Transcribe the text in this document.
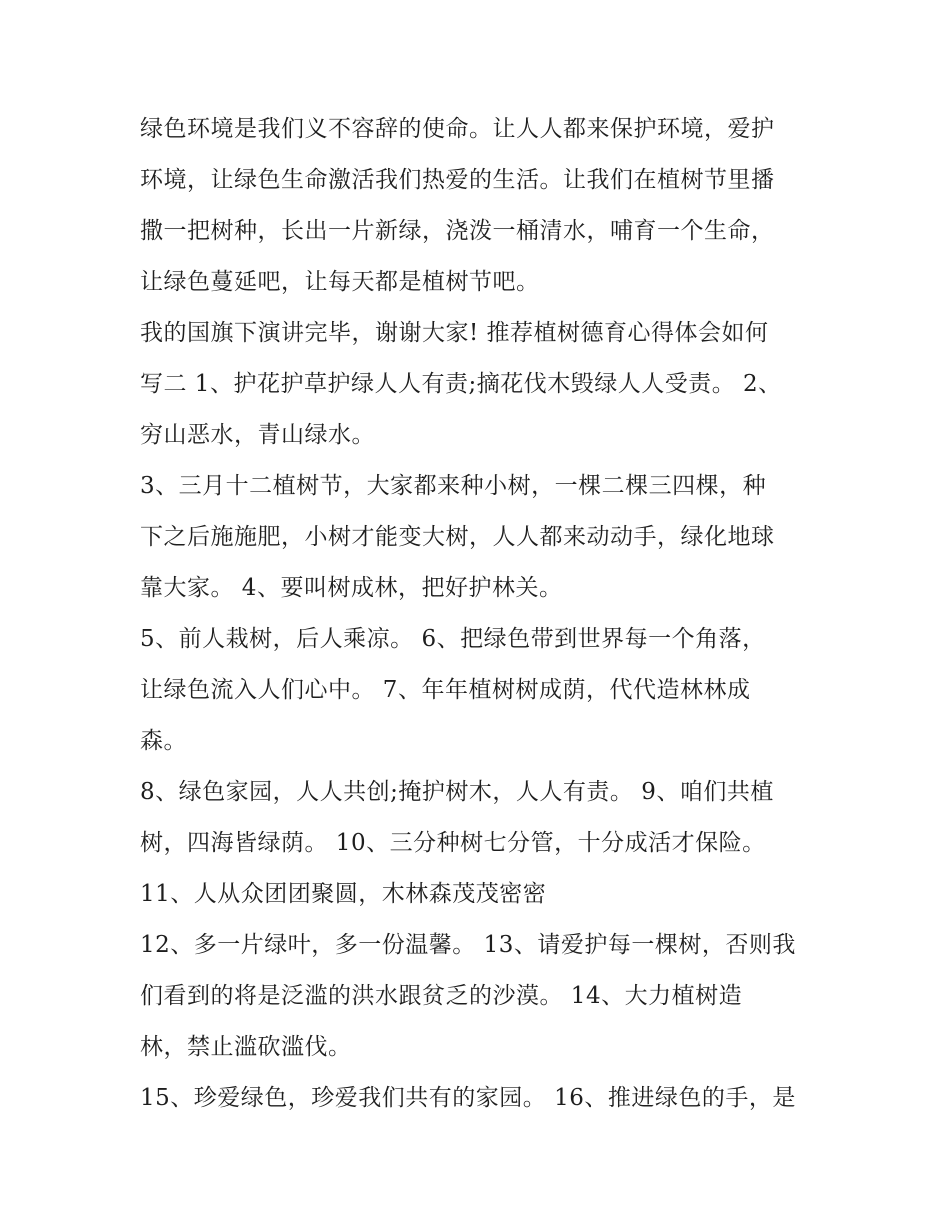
绿色环境是我们义不容辞的使命。让人人都来保护环境，爱护
环境，让绿色生命激活我们热爱的生活。让我们在植树节里播
撒一把树种，长出一片新绿，浇泼一桶清水，哺育一个生命，
让绿色蔓延吧，让每天都是植树节吧。
我的国旗下演讲完毕，谢谢大家! 推荐植树德育心得体会如何
写二 1、护花护草护绿人人有责;摘花伐木毁绿人人受责。 2、
穷山恶水，青山绿水。
3、三月十二植树节，大家都来种小树，一棵二棵三四棵，种
下之后施施肥，小树才能变大树，人人都来动动手，绿化地球
靠大家。 4、要叫树成林，把好护林关。
5、前人栽树，后人乘凉。 6、把绿色带到世界每一个角落，
让绿色流入人们心中。 7、年年植树树成荫，代代造林林成
森。
8、绿色家园，人人共创;掩护树木，人人有责。 9、咱们共植
树，四海皆绿荫。 10、三分种树七分管，十分成活才保险。
11、人从众团团聚圆，木林森茂茂密密
12、多一片绿叶，多一份温馨。 13、请爱护每一棵树，否则我
们看到的将是泛滥的洪水跟贫乏的沙漠。 14、大力植树造
林，禁止滥砍滥伐。
15、珍爱绿色，珍爱我们共有的家园。 16、推进绿色的手，是
